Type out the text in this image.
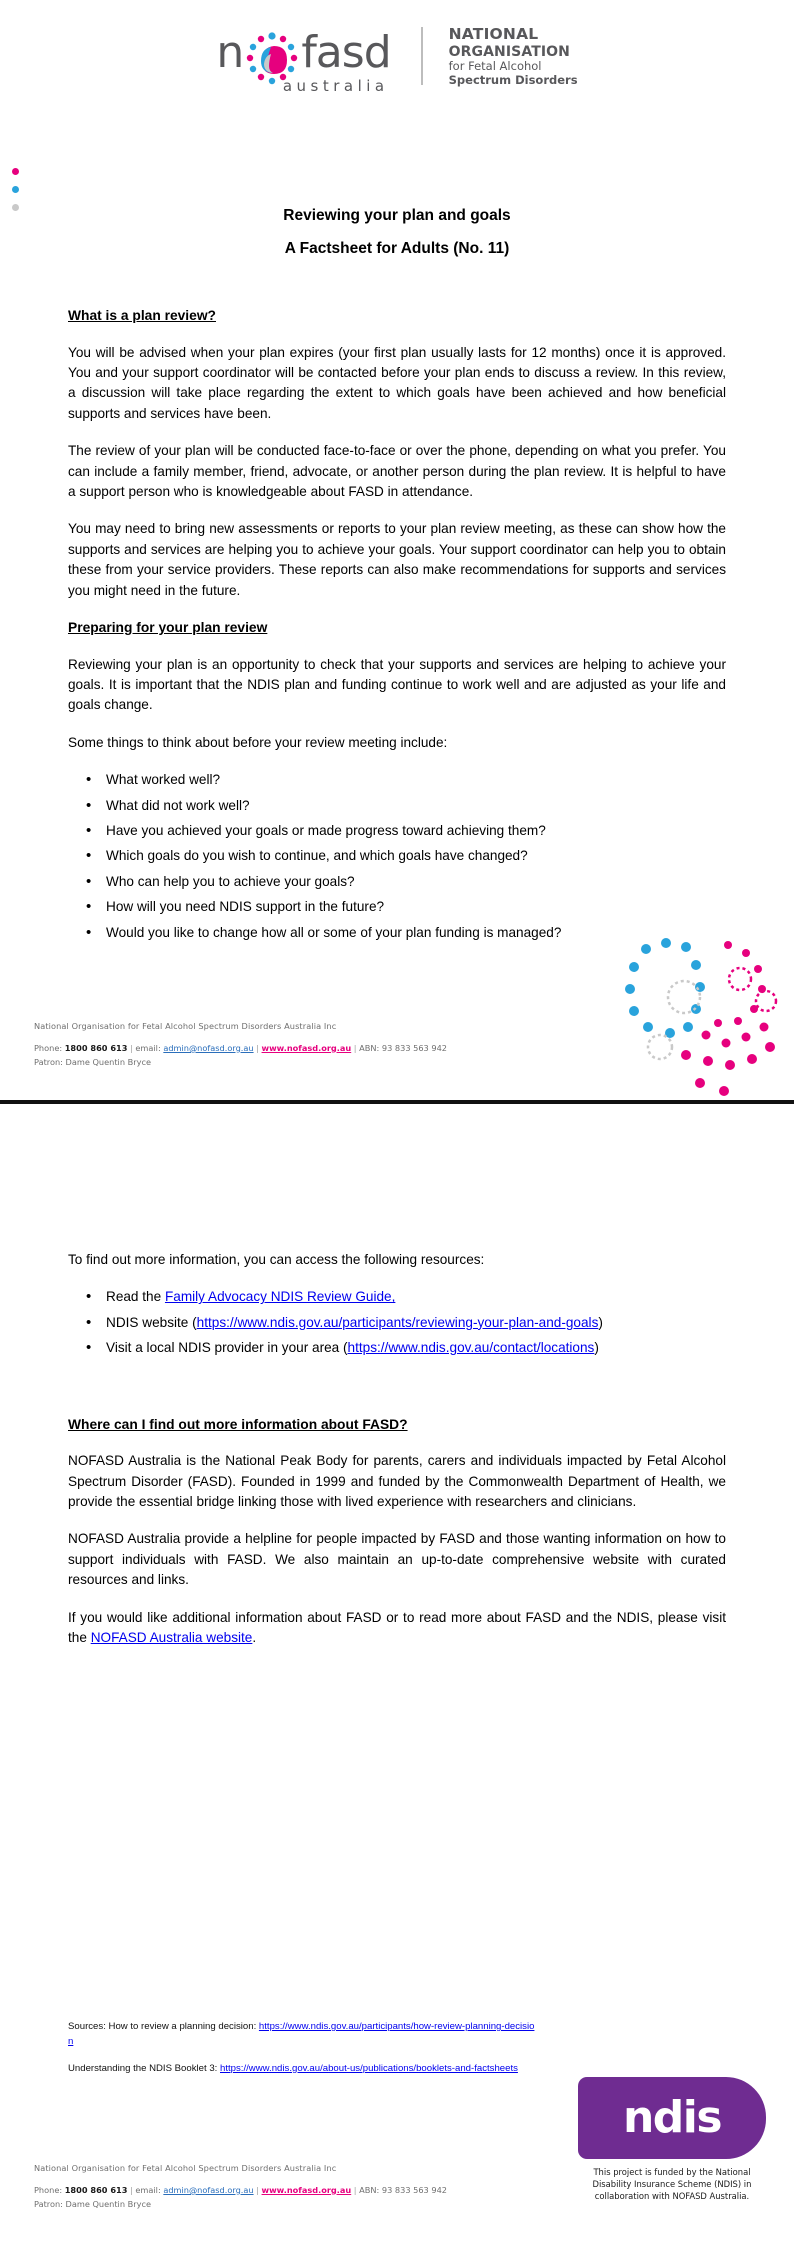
n fasd
australia
NATIONAL
ORGANISATION
for Fetal Alcohol
Spectrum Disorders
Reviewing your plan and goals
A Factsheet for Adults (No. 11)
What is a plan review?

You will be advised when your plan expires (your first plan usually lasts for 12 months) once it is approved. You and your support coordinator will be contacted before your plan ends to discuss a review. In this review, a discussion will take place regarding the extent to which goals have been achieved and how beneficial supports and services have been.

The review of your plan will be conducted face-to-face or over the phone, depending on what you prefer. You can include a family member, friend, advocate, or another person during the plan review. It is helpful to have a support person who is knowledgeable about FASD in attendance.

You may need to bring new assessments or reports to your plan review meeting, as these can show how the supports and services are helping you to achieve your goals. Your support coordinator can help you to obtain these from your service providers. These reports can also make recommendations for supports and services you might need in the future.

Preparing for your plan review

Reviewing your plan is an opportunity to check that your supports and services are helping to achieve your goals. It is important that the NDIS plan and funding continue to work well and are adjusted as your life and goals change.

Some things to think about before your review meeting include:

• What worked well?
• What did not work well?
• Have you achieved your goals or made progress toward achieving them?
• Which goals do you wish to continue, and which goals have changed?
• Who can help you to achieve your goals?
• How will you need NDIS support in the future?
• Would you like to change how all or some of your plan funding is managed?
National Organisation for Fetal Alcohol Spectrum Disorders Australia Inc
Phone: 1800 860 613 | email: admin@nofasd.org.au | www.nofasd.org.au | ABN: 93 833 563 942
Patron: Dame Quentin Bryce

To find out more information, you can access the following resources:

• Read the Family Advocacy NDIS Review Guide,
• NDIS website (https://www.ndis.gov.au/participants/reviewing-your-plan-and-goals)
• Visit a local NDIS provider in your area (https://www.ndis.gov.au/contact/locations)
Where can I find out more information about FASD?

NOFASD Australia is the National Peak Body for parents, carers and individuals impacted by Fetal Alcohol Spectrum Disorder (FASD). Founded in 1999 and funded by the Commonwealth Department of Health, we provide the essential bridge linking those with lived experience with researchers and clinicians.

NOFASD Australia provide a helpline for people impacted by FASD and those wanting information on how to support individuals with FASD. We also maintain an up-to-date comprehensive website with curated resources and links.

If you would like additional information about FASD or to read more about FASD and the NDIS, please visit the NOFASD Australia website.

Sources: How to review a planning decision: https://www.ndis.gov.au/participants/how-review-planning-decision

Understanding the NDIS Booklet 3: https://www.ndis.gov.au/about-us/publications/booklets-and-factsheets

ndis
This project is funded by the National Disability Insurance Scheme (NDIS) in collaboration with NOFASD Australia.
National Organisation for Fetal Alcohol Spectrum Disorders Australia Inc
Phone: 1800 860 613 | email: admin@nofasd.org.au | www.nofasd.org.au | ABN: 93 833 563 942
Patron: Dame Quentin Bryce
